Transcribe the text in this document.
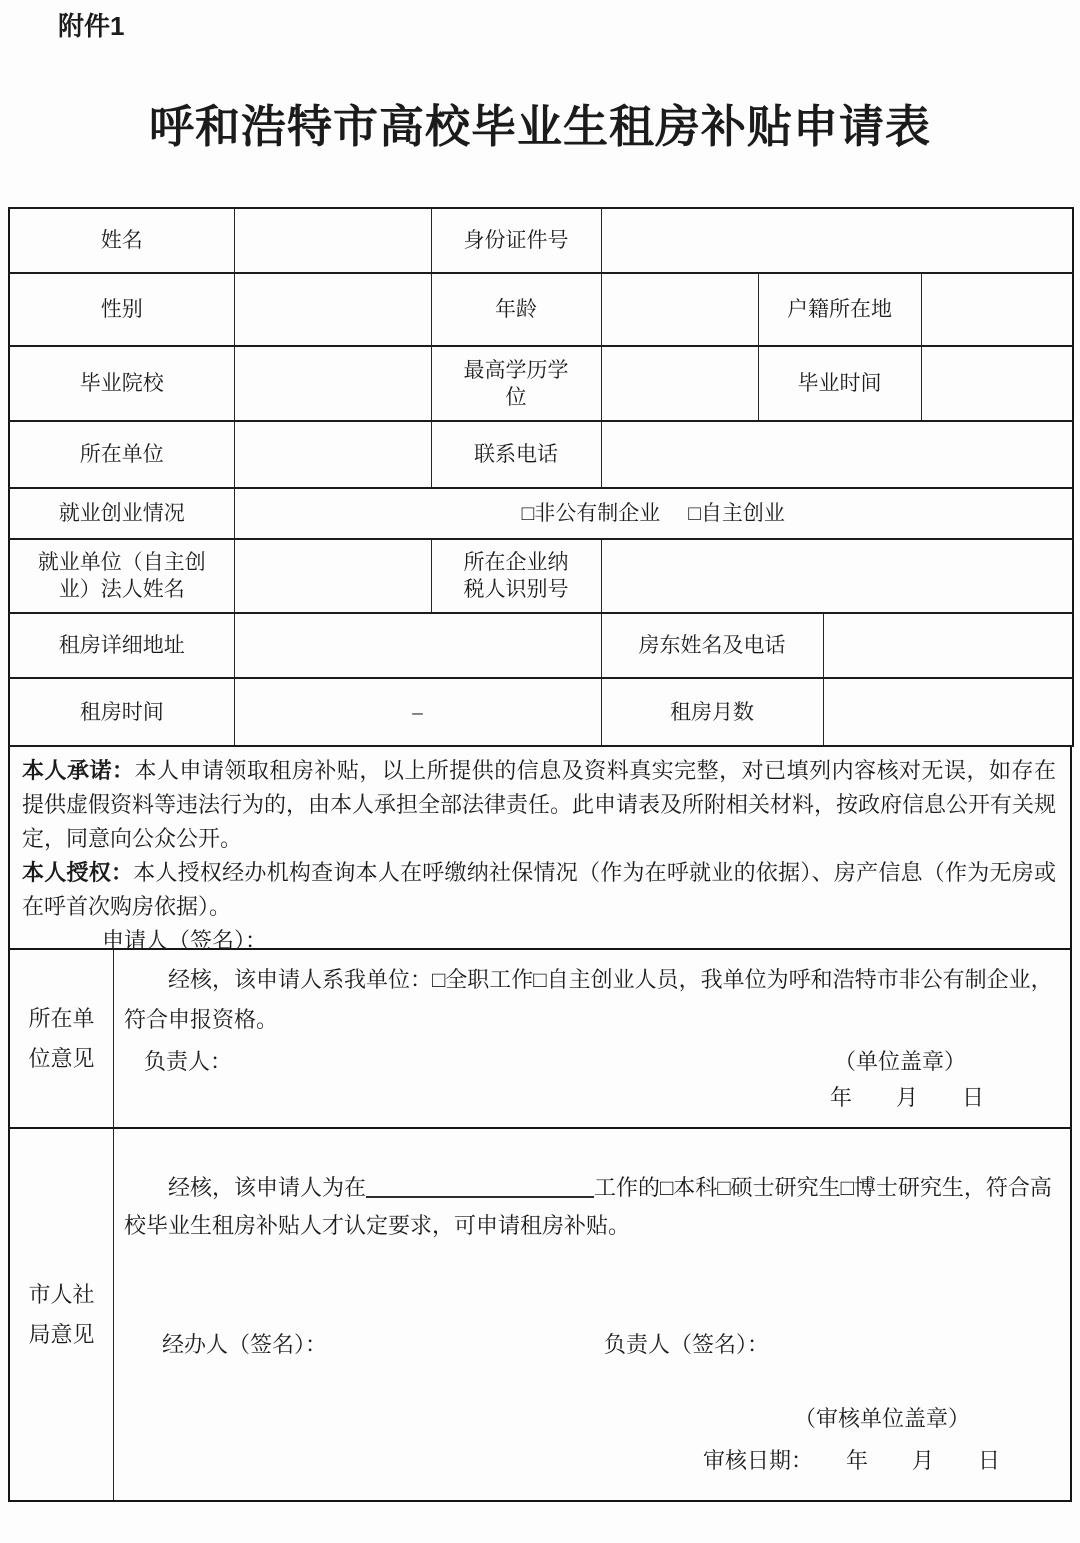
附件1
呼和浩特市高校毕业生租房补贴申请表
姓名		身份证件号				
性别		年龄		户籍所在地		
毕业院校		最高学历学位		毕业时间		
所在单位		联系电话				
就业创业情况	□非公有制企业 □自主创业					
就业单位（自主创业）法人姓名		所在企业纳税人识别号				
租房详细地址			房东姓名及电话			
租房时间	–		租房月数			

本人承诺：本人申请领取租房补贴，以上所提供的信息及资料真实完整，对已填列内容核对无误，如存在提供虚假资料等违法行为的，由本人承担全部法律责任。此申请表及所附相关材料，按政府信息公开有关规定，同意向公众公开。

本人授权：本人授权经办机构查询本人在呼缴纳社保情况（作为在呼就业的依据）、房产信息（作为无房或在呼首次购房依据）。

申请人（签名）：

所在单位意见

经核，该申请人系我单位：□全职工作□自主创业人员，我单位为呼和浩特市非公有制企业，符合申报资格。

负责人：	（单位盖章）
年　　月　　日
市人社局意见

经核，该申请人为在	工作的□本科□硕士研究生□博士研究生，符合高校毕业生租房补贴人才认定要求，可申请租房补贴。

经办人（签名）：	负责人（签名）：
（审核单位盖章）
审核日期：　　年　　月　　日
